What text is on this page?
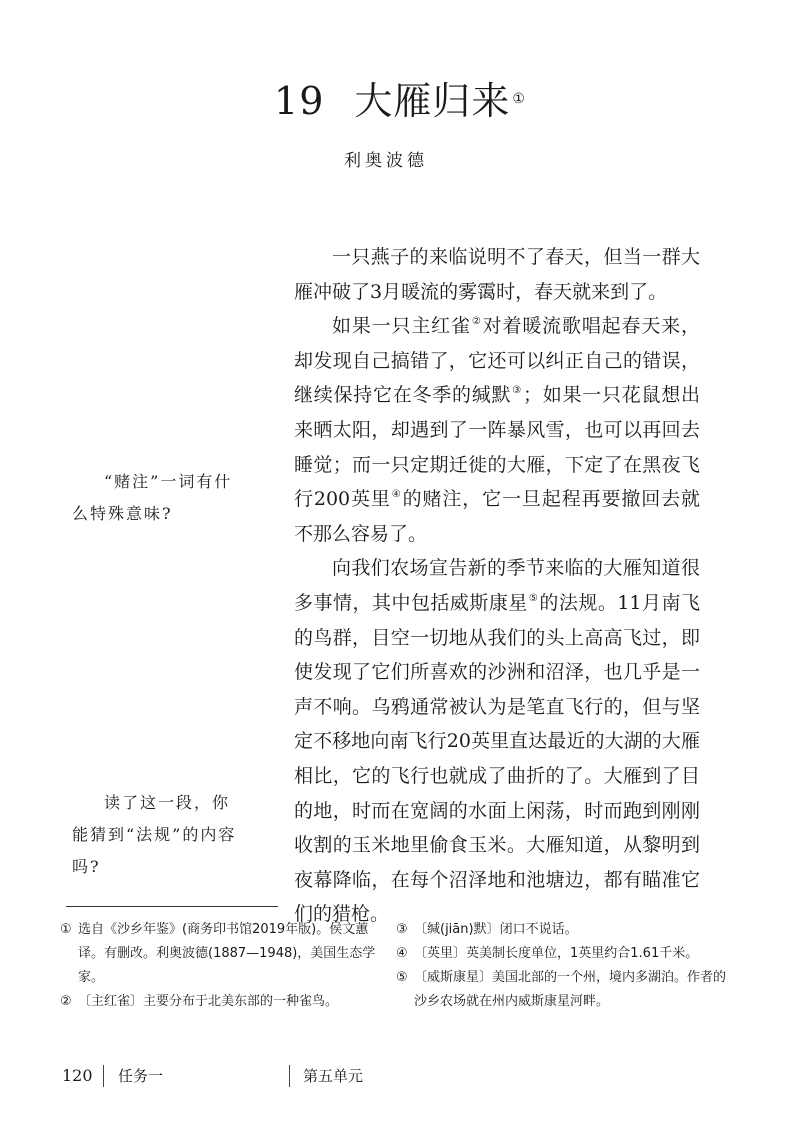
19 大雁归来 ①
利奥波德

一只燕子的来临说明不了春天，但当一群大雁冲破了3月暖流的雾霭时，春天就来到了。

如果一只主红雀②对着暖流歌唱起春天来，却发现自己搞错了，它还可以纠正自己的错误，继续保持它在冬季的缄默③；如果一只花鼠想出来晒太阳，却遇到了一阵暴风雪，也可以再回去睡觉；而一只定期迁徙的大雁，下定了在黑夜飞行200英里④的赌注，它一旦起程再要撤回去就不那么容易了。

向我们农场宣告新的季节来临的大雁知道很多事情，其中包括威斯康星⑤的法规。11月南飞的鸟群，目空一切地从我们的头上高高飞过，即使发现了它们所喜欢的沙洲和沼泽，也几乎是一声不响。乌鸦通常被认为是笔直飞行的，但与坚定不移地向南飞行20英里直达最近的大湖的大雁相比，它的飞行也就成了曲折的了。大雁到了目的地，时而在宽阔的水面上闲荡，时而跑到刚刚收割的玉米地里偷食玉米。大雁知道，从黎明到夜幕降临，在每个沼泽地和池塘边，都有瞄准它们的猎枪。

“赌注”一词有什么特殊意味?

读了这一段，你能猜到“法规”的内容吗?

① 选自《沙乡年鉴》(商务印书馆2019年版)。侯文蕙译。有删改。利奥波德(1887—1948)，美国生态学家。
② 〔主红雀〕主要分布于北美东部的一种雀鸟。
③ 〔缄(jiān)默〕闭口不说话。
④ 〔英里〕英美制长度单位，1英里约合1.61千米。
⑤ 〔威斯康星〕美国北部的一个州，境内多湖泊。作者的沙乡农场就在州内威斯康星河畔。
120 任务一	第五单元
